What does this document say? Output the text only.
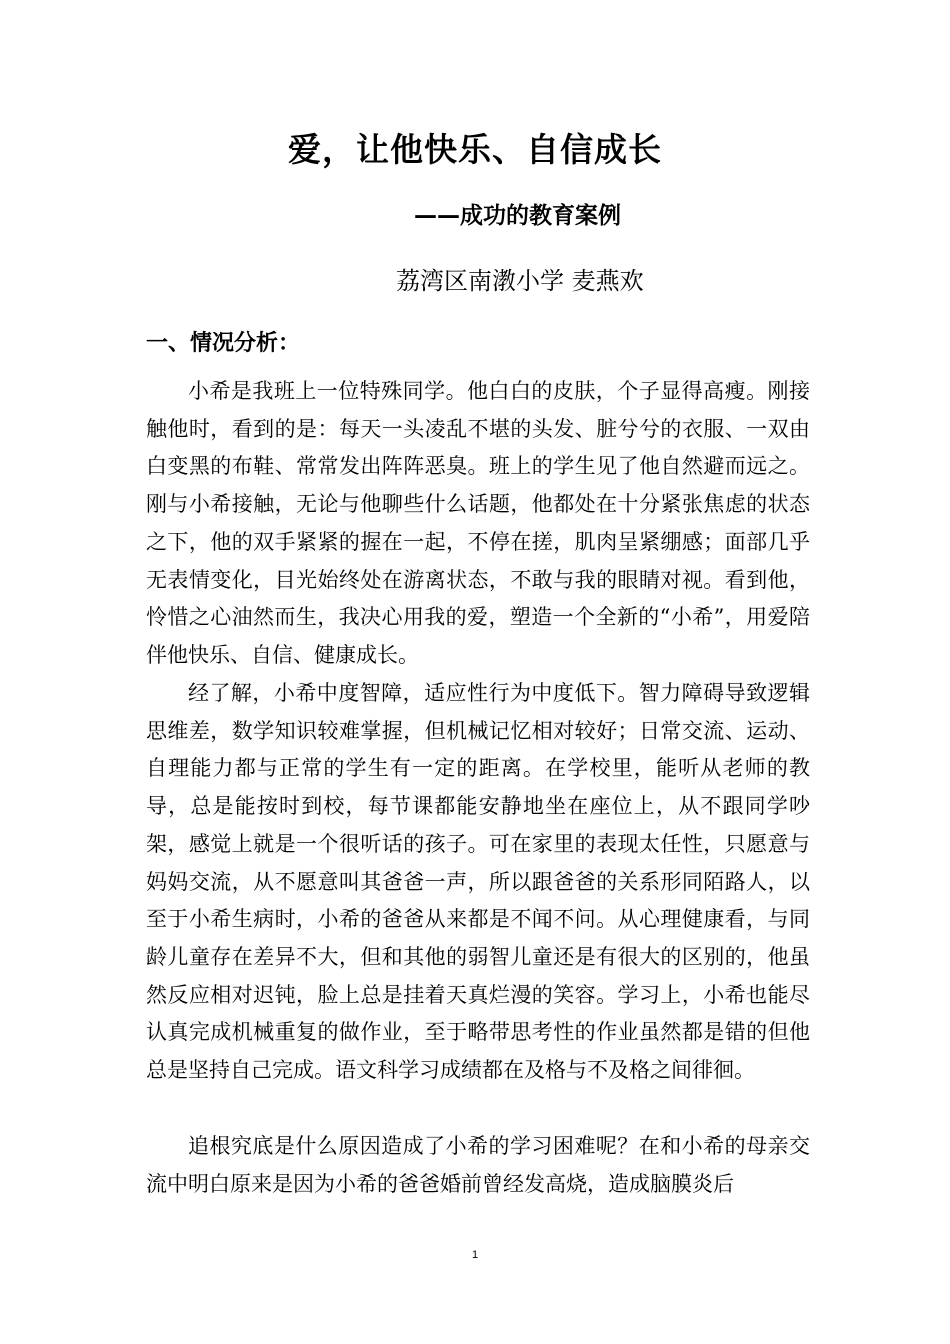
爱，让他快乐、自信成长
——成功的教育案例
荔湾区南漖小学 麦燕欢
一、情况分析：

小希是我班上一位特殊同学。他白白的皮肤，个子显得高瘦。刚接触他时，看到的是：每天一头凌乱不堪的头发、脏兮兮的衣服、一双由白变黑的布鞋、常常发出阵阵恶臭。班上的学生见了他自然避而远之。刚与小希接触，无论与他聊些什么话题，他都处在十分紧张焦虑的状态之下，他的双手紧紧的握在一起，不停在搓，肌肉呈紧绷感；面部几乎无表情变化，目光始终处在游离状态，不敢与我的眼睛对视。看到他，怜惜之心油然而生，我决心用我的爱，塑造一个全新的“小希”，用爱陪伴他快乐、自信、健康成长。

经了解，小希中度智障，适应性行为中度低下。智力障碍导致逻辑思维差，数学知识较难掌握，但机械记忆相对较好；日常交流、运动、自理能力都与正常的学生有一定的距离。在学校里，能听从老师的教导，总是能按时到校，每节课都能安静地坐在座位上，从不跟同学吵架，感觉上就是一个很听话的孩子。可在家里的表现太任性，只愿意与妈妈交流，从不愿意叫其爸爸一声，所以跟爸爸的关系形同陌路人，以至于小希生病时，小希的爸爸从来都是不闻不问。从心理健康看，与同龄儿童存在差异不大，但和其他的弱智儿童还是有很大的区别的，他虽然反应相对迟钝，脸上总是挂着天真烂漫的笑容。学习上，小希也能尽认真完成机械重复的做作业，至于略带思考性的作业虽然都是错的但他总是坚持自己完成。语文科学习成绩都在及格与不及格之间徘徊。

追根究底是什么原因造成了小希的学习困难呢？在和小希的母亲交流中明白原来是因为小希的爸爸婚前曾经发高烧，造成脑膜炎后

1
